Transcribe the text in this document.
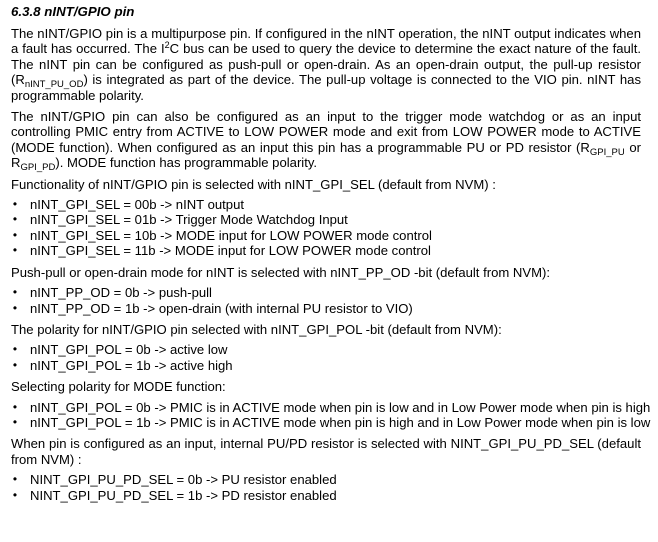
6.3.8 nINT/GPIO pin

The nINT/GPIO pin is a multipurpose pin. If configured in the nINT operation, the nINT output indicates when a fault has occurred. The $I^2C$ bus can be used to query the device to determine the exact nature of the fault. The nINT pin can be configured as push-pull or open-drain. As an open-drain output, the pull-up resistor $(R_{nINT\_PU\_OD})$ is integrated as part of the device. The pull-up voltage is connected to the VIO pin. nINT has programmable polarity.

The nINT/GPIO pin can also be configured as an input to the trigger mode watchdog or as an input controlling PMIC entry from ACTIVE to LOW POWER mode and exit from LOW POWER mode to ACTIVE (MODE function). When configured as an input this pin has a programmable PU or PD resistor ($R_{GPI\_PU}$ or $R_{GPI\_PD}$). MODE function has programmable polarity.

Functionality of nINT/GPIO pin is selected with nINT_GPI_SEL (default from NVM) :

• nINT_GPI_SEL = 00b -> nINT output
• nINT_GPI_SEL = 01b -> Trigger Mode Watchdog Input
• nINT_GPI_SEL = 10b -> MODE input for LOW POWER mode control
• nINT_GPI_SEL = 11b -> MODE input for LOW POWER mode control

Push-pull or open-drain mode for nINT is selected with nINT_PP_OD -bit (default from NVM):

• nINT_PP_OD = 0b -> push-pull
• nINT_PP_OD = 1b -> open-drain (with internal PU resistor to VIO)

The polarity for nINT/GPIO pin selected with nINT_GPI_POL -bit (default from NVM):

• nINT_GPI_POL = 0b -> active low
• nINT_GPI_POL = 1b -> active high

Selecting polarity for MODE function:

• nINT_GPI_POL = 0b -> PMIC is in ACTIVE mode when pin is low and in Low Power mode when pin is high
• nINT_GPI_POL = 1b -> PMIC is in ACTIVE mode when pin is high and in Low Power mode when pin is low

When pin is configured as an input, internal PU/PD resistor is selected with NINT_GPI_PU_PD_SEL (default from NVM) :

• NINT_GPI_PU_PD_SEL = 0b -> PU resistor enabled
• NINT_GPI_PU_PD_SEL = 1b -> PD resistor enabled
